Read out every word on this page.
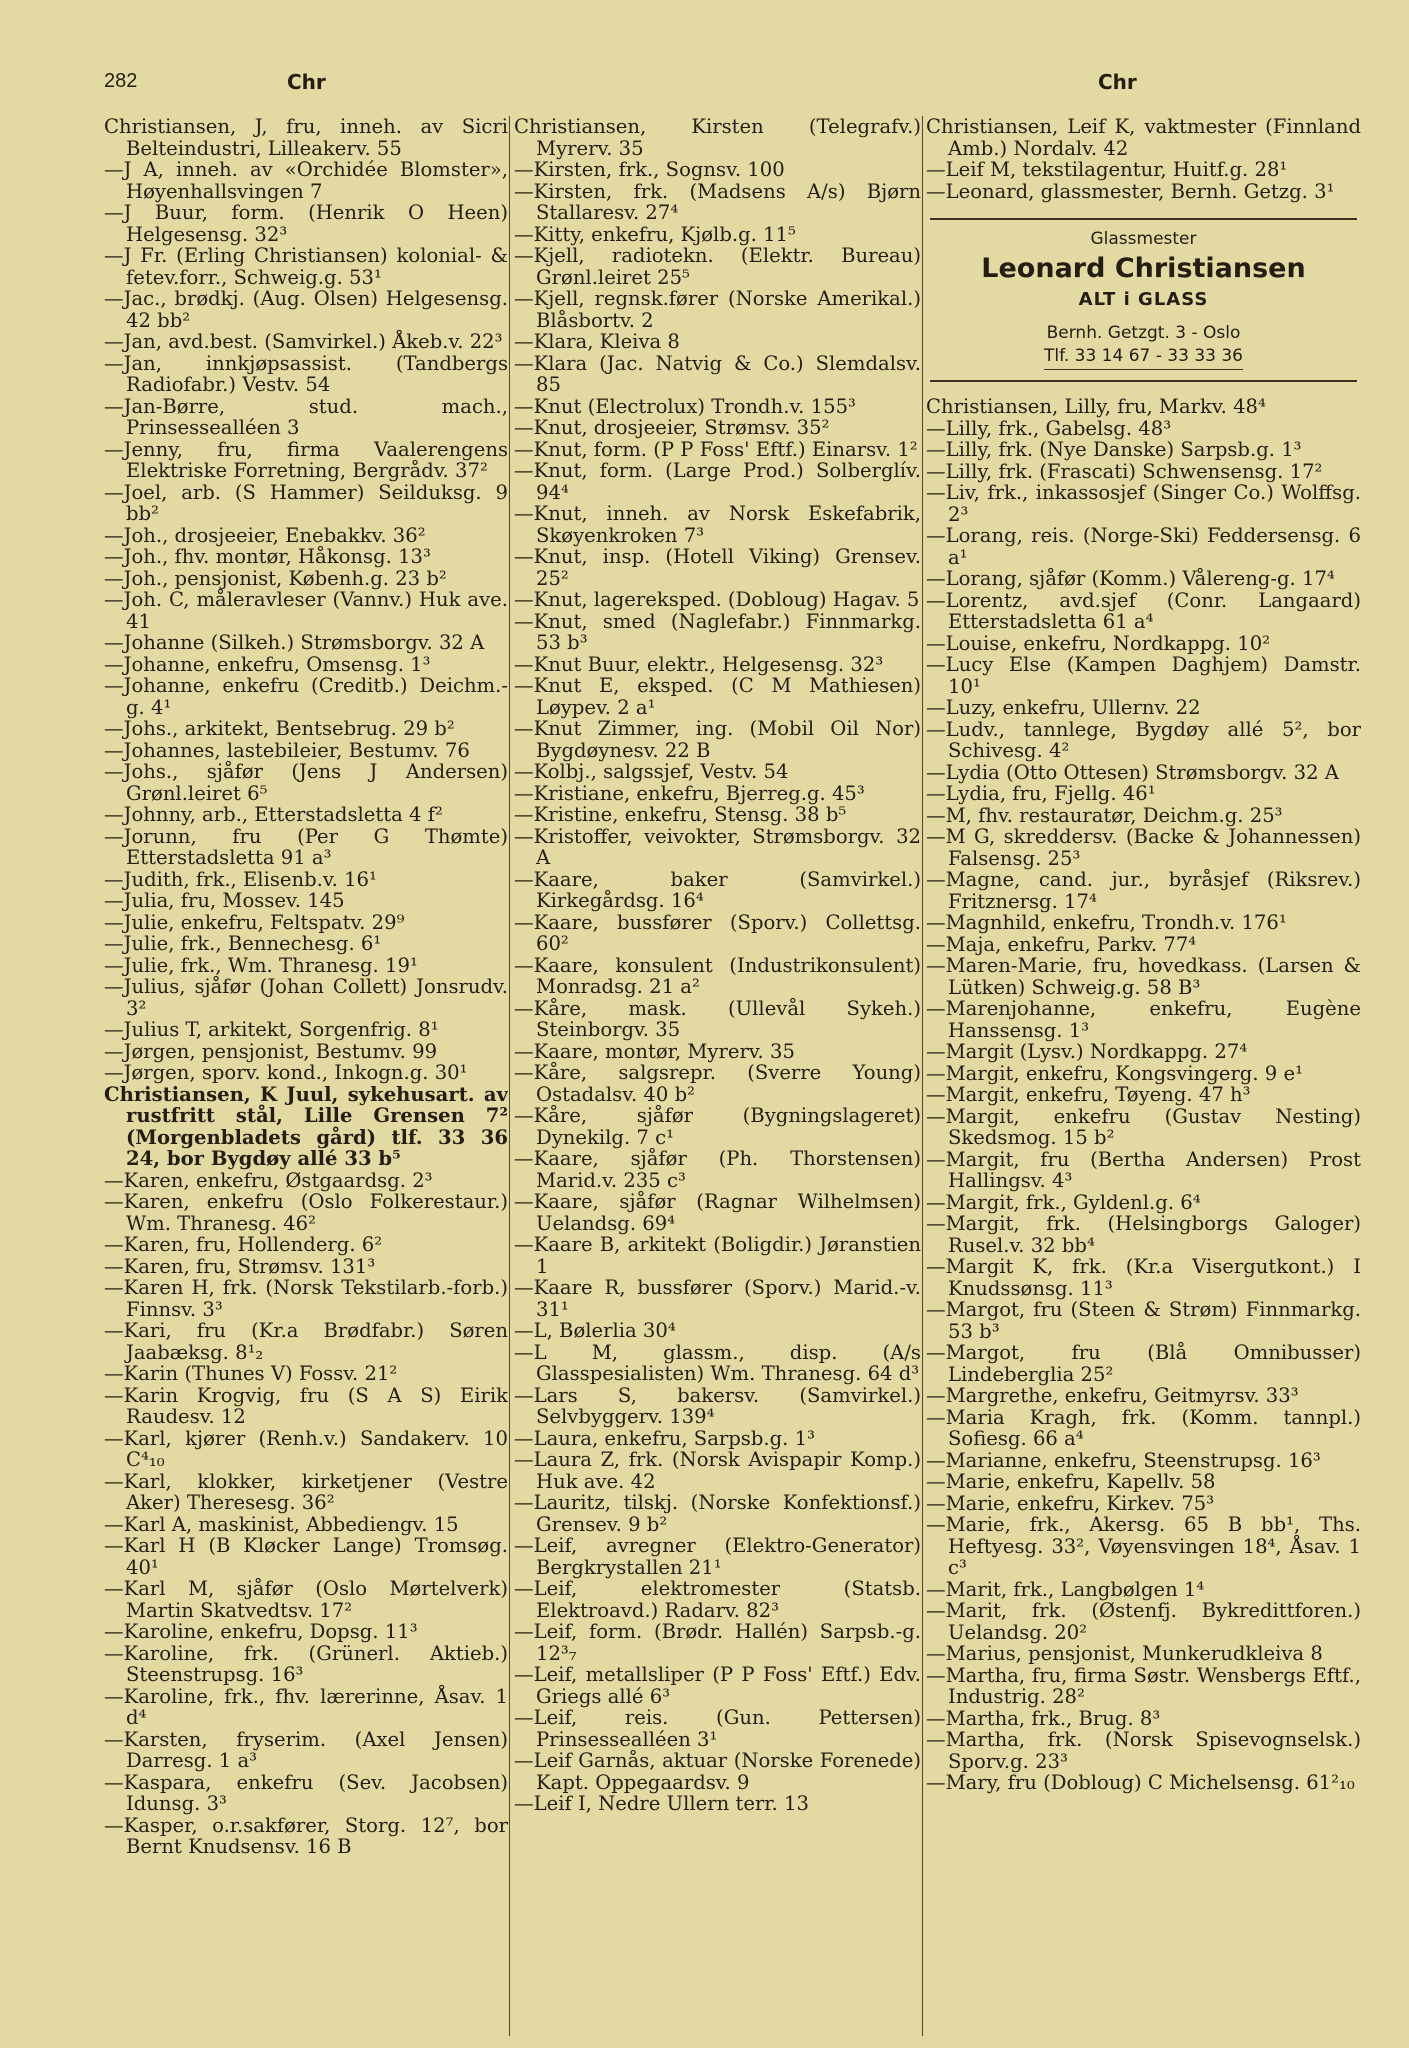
282	Chr	Chr
Christiansen, J, fru, inneh. av Sicri Belteindustri, Lilleakerv. 55
—J A, inneh. av «Orchidée Blomster», Høyenhallsvingen 7
—J Buur, form. (Henrik O Heen) Helgesensg. 32³
—J Fr. (Erling Christiansen) kolonial- & fetev.forr., Schweig.g. 53¹
—Jac., brødkj. (Aug. Olsen) Helgesensg. 42 bb²
—Jan, avd.best. (Samvirkel.) Åkeb.v. 22³
—Jan, innkjøpsassist. (Tandbergs Radiofabr.) Vestv. 54
—Jan-Børre, stud. mach., Prinsessealléen 3
—Jenny, fru, firma Vaalerengens Elektriske Forretning, Bergrådv. 37²
—Joel, arb. (S Hammer) Seilduksg. 9 bb²
—Joh., drosjeeier, Enebakkv. 36²
—Joh., fhv. montør, Håkonsg. 13³
—Joh., pensjonist, Københ.g. 23 b²
—Joh. C, måleravleser (Vannv.) Huk ave. 41
—Johanne (Silkeh.) Strømsborgv. 32 A
—Johanne, enkefru, Omsensg. 1³
—Johanne, enkefru (Creditb.) Deichm.-g. 4¹
—Johs., arkitekt, Bentsebrug. 29 b²
—Johannes, lastebileier, Bestumv. 76
—Johs., sjåfør (Jens J Andersen) Grønl.leiret 6⁵
—Johnny, arb., Etterstadsletta 4 f²
—Jorunn, fru (Per G Thømte) Etterstadsletta 91 a³
—Judith, frk., Elisenb.v. 16¹
—Julia, fru, Mossev. 145
—Julie, enkefru, Feltspatv. 29⁹
—Julie, frk., Bennechesg. 6¹
—Julie, frk., Wm. Thranesg. 19¹
—Julius, sjåfør (Johan Collett) Jonsrudv. 3²
—Julius T, arkitekt, Sorgenfrig. 8¹
—Jørgen, pensjonist, Bestumv. 99
—Jørgen, sporv. kond., Inkogn.g. 30¹
Christiansen, K Juul, sykehusart. av rustfritt stål, Lille Grensen 7² (Morgenbladets gård) tlf. 33 36 24, bor Bygdøy allé 33 b⁵
—Karen, enkefru, Østgaardsg. 2³
—Karen, enkefru (Oslo Folkerestaur.) Wm. Thranesg. 46²
—Karen, fru, Hollenderg. 6²
—Karen, fru, Strømsv. 131³
—Karen H, frk. (Norsk Tekstilarb.-forb.) Finnsv. 3³
—Kari, fru (Kr.a Brødfabr.) Søren Jaabæksg. 8¹₂
—Karin (Thunes V) Fossv. 21²
—Karin Krogvig, fru (S A S) Eirik Raudesv. 12
—Karl, kjører (Renh.v.) Sandakerv. 10 C⁴₁₀
—Karl, klokker, kirketjener (Vestre Aker) Theresesg. 36²
—Karl A, maskinist, Abbediengv. 15
—Karl H (B Kløcker Lange) Tromsøg. 40¹
—Karl M, sjåfør (Oslo Mørtelverk) Martin Skatvedtsv. 17²
—Karoline, enkefru, Dopsg. 11³
—Karoline, frk. (Grünerl. Aktieb.) Steenstrupsg. 16³
—Karoline, frk., fhv. lærerinne, Åsav. 1 d⁴
—Karsten, fryserim. (Axel Jensen) Darresg. 1 a³
—Kaspara, enkefru (Sev. Jacobsen) Idunsg. 3³
—Kasper, o.r.sakfører, Storg. 12⁷, bor Bernt Knudsensv. 16 B
Christiansen, Kirsten (Telegrafv.) Myrerv. 35
—Kirsten, frk., Sognsv. 100
—Kirsten, frk. (Madsens A/s) Bjørn Stallaresv. 27⁴
—Kitty, enkefru, Kjølb.g. 11⁵
—Kjell, radiotekn. (Elektr. Bureau) Grønl.leiret 25⁵
—Kjell, regnsk.fører (Norske Amerikal.) Blåsbortv. 2
—Klara, Kleiva 8
—Klara (Jac. Natvig & Co.) Slemdalsv. 85
—Knut (Electrolux) Trondh.v. 155³
—Knut, drosjeeier, Strømsv. 35²
—Knut, form. (P P Foss' Eftf.) Einarsv. 1²
—Knut, form. (Large Prod.) Solberglív. 94⁴
—Knut, inneh. av Norsk Eskefabrik, Skøyenkroken 7³
—Knut, insp. (Hotell Viking) Grensev. 25²
—Knut, lagereksped. (Dobloug) Hagav. 5
—Knut, smed (Naglefabr.) Finnmarkg. 53 b³
—Knut Buur, elektr., Helgesensg. 32³
—Knut E, eksped. (C M Mathiesen) Løypev. 2 a¹
—Knut Zimmer, ing. (Mobil Oil Nor) Bygdøynesv. 22 B
—Kolbj., salgssjef, Vestv. 54
—Kristiane, enkefru, Bjerreg.g. 45³
—Kristine, enkefru, Stensg. 38 b⁵
—Kristoffer, veivokter, Strømsborgv. 32 A
—Kaare, baker (Samvirkel.) Kirkegårdsg. 16⁴
—Kaare, bussfører (Sporv.) Collettsg. 60²
—Kaare, konsulent (Industrikonsulent) Monradsg. 21 a²
—Kåre, mask. (Ullevål Sykeh.) Steinborgv. 35
—Kaare, montør, Myrerv. 35
—Kåre, salgsrepr. (Sverre Young) Ostadalsv. 40 b²
—Kåre, sjåfør (Bygningslageret) Dynekilg. 7 c¹
—Kaare, sjåfør (Ph. Thorstensen) Marid.v. 235 c³
—Kaare, sjåfør (Ragnar Wilhelmsen) Uelandsg. 69⁴
—Kaare B, arkitekt (Boligdir.) Jøranstien 1
—Kaare R, bussfører (Sporv.) Marid.-v. 31¹
—L, Bølerlia 30⁴
—L M, glassm., disp. (A/s Glasspesialisten) Wm. Thranesg. 64 d³
—Lars S, bakersv. (Samvirkel.) Selvbyggerv. 139⁴
—Laura, enkefru, Sarpsb.g. 1³
—Laura Z, frk. (Norsk Avispapir Komp.) Huk ave. 42
—Lauritz, tilskj. (Norske Konfektionsf.) Grensev. 9 b²
—Leif, avregner (Elektro-Generator) Bergkrystallen 21¹
—Leif, elektromester (Statsb. Elektroavd.) Radarv. 82³
—Leif, form. (Brødr. Hallén) Sarpsb.-g. 12³₇
—Leif, metallsliper (P P Foss' Eftf.) Edv. Griegs allé 6³
—Leif, reis. (Gun. Pettersen) Prinsessealléen 3¹
—Leif Garnås, aktuar (Norske Forenede) Kapt. Oppegaardsv. 9
—Leif I, Nedre Ullern terr. 13
Christiansen, Leif K, vaktmester (Finnland Amb.) Nordalv. 42
—Leif M, tekstilagentur, Huitf.g. 28¹
—Leonard, glassmester, Bernh. Getzg. 3¹
Glassmester
Leonard Christiansen
ALT i GLASS
Bernh. Getzgt. 3 - Oslo
Tlf. 33 14 67 - 33 33 36
Christiansen, Lilly, fru, Markv. 48⁴
—Lilly, frk., Gabelsg. 48³
—Lilly, frk. (Nye Danske) Sarpsb.g. 1³
—Lilly, frk. (Frascati) Schwensensg. 17²
—Liv, frk., inkassosjef (Singer Co.) Wolffsg. 2³
—Lorang, reis. (Norge-Ski) Feddersensg. 6 a¹
—Lorang, sjåfør (Komm.) Vålereng-g. 17⁴
—Lorentz, avd.sjef (Conr. Langaard) Etterstadsletta 61 a⁴
—Louise, enkefru, Nordkappg. 10²
—Lucy Else (Kampen Daghjem) Damstr. 10¹
—Luzy, enkefru, Ullernv. 22
—Ludv., tannlege, Bygdøy allé 5², bor Schivesg. 4²
—Lydia (Otto Ottesen) Strømsborgv. 32 A
—Lydia, fru, Fjellg. 46¹
—M, fhv. restauratør, Deichm.g. 25³
—M G, skreddersv. (Backe & Johannessen) Falsensg. 25³
—Magne, cand. jur., byråsjef (Riksrev.) Fritznersg. 17⁴
—Magnhild, enkefru, Trondh.v. 176¹
—Maja, enkefru, Parkv. 77⁴
—Maren-Marie, fru, hovedkass. (Larsen & Lütken) Schweig.g. 58 B³
—Marenjohanne, enkefru, Eugène Hanssensg. 1³
—Margit (Lysv.) Nordkappg. 27⁴
—Margit, enkefru, Kongsvingerg. 9 e¹
—Margit, enkefru, Tøyeng. 47 h³
—Margit, enkefru (Gustav Nesting) Skedsmog. 15 b²
—Margit, fru (Bertha Andersen) Prost Hallingsv. 4³
—Margit, frk., Gyldenl.g. 6⁴
—Margit, frk. (Helsingborgs Galoger) Rusel.v. 32 bb⁴
—Margit K, frk. (Kr.a Visergutkont.) I Knudssønsg. 11³
—Margot, fru (Steen & Strøm) Finnmarkg. 53 b³
—Margot, fru (Blå Omnibusser) Lindeberglia 25²
—Margrethe, enkefru, Geitmyrsv. 33³
—Maria Kragh, frk. (Komm. tannpl.) Sofiesg. 66 a⁴
—Marianne, enkefru, Steenstrupsg. 16³
—Marie, enkefru, Kapellv. 58
—Marie, enkefru, Kirkev. 75³
—Marie, frk., Akersg. 65 B bb¹, Ths. Heftyesg. 33², Vøyensvingen 18⁴, Åsav. 1 c³
—Marit, frk., Langbølgen 1⁴
—Marit, frk. (Østenfj. Bykredittforen.) Uelandsg. 20²
—Marius, pensjonist, Munkerudkleiva 8
—Martha, fru, firma Søstr. Wensbergs Eftf., Industrig. 28²
—Martha, frk., Brug. 8³
—Martha, frk. (Norsk Spisevognselsk.) Sporv.g. 23³
—Mary, fru (Dobloug) C Michelsensg. 61²₁₀
